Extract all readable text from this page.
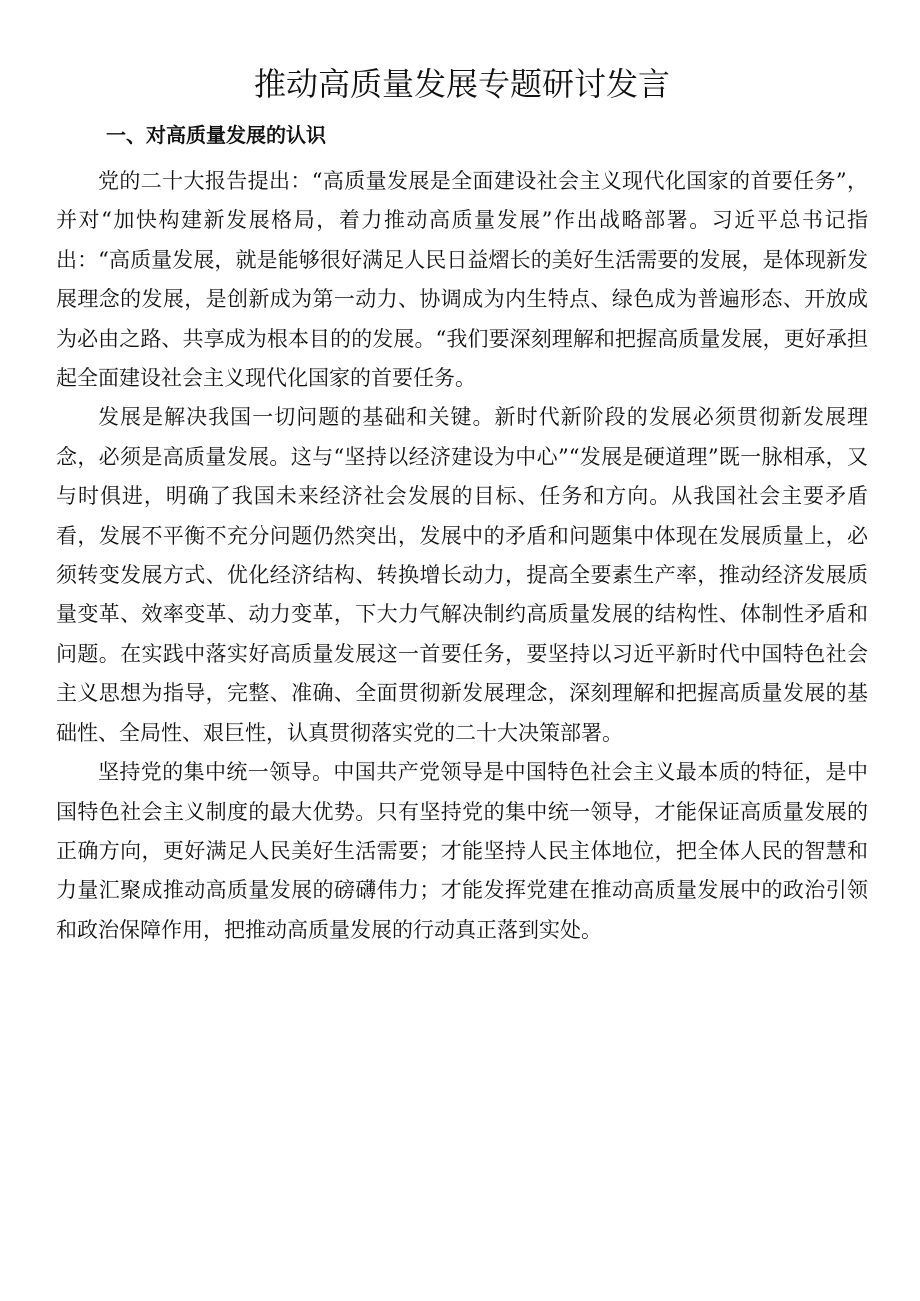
推动高质量发展专题研讨发言
一、对高质量发展的认识

党的二十大报告提出：“高质量发展是全面建设社会主义现代化国家的首要任务”，并对“加快构建新发展格局，着力推动高质量发展”作出战略部署。习近平总书记指出：“高质量发展，就是能够很好满足人民日益熠长的美好生活需要的发展，是体现新发展理念的发展，是创新成为第一动力、协调成为内生特点、绿色成为普遍形态、开放成为必由之路、共享成为根本目的的发展。“我们要深刻理解和把握高质量发展，更好承担起全面建设社会主义现代化国家的首要任务。

发展是解决我国一切问题的基础和关键。新时代新阶段的发展必须贯彻新发展理念，必须是高质量发展。这与“坚持以经济建设为中心”“发展是硬道理”既一脉相承，又与时俱进，明确了我国未来经济社会发展的目标、任务和方向。从我国社会主要矛盾看，发展不平衡不充分问题仍然突出，发展中的矛盾和问题集中体现在发展质量上，必须转变发展方式、优化经济结构、转换增长动力，提高全要素生产率，推动经济发展质量变革、效率变革、动力变革，下大力气解决制约高质量发展的结构性、体制性矛盾和问题。在实践中落实好高质量发展这一首要任务，要坚持以习近平新时代中国特色社会主义思想为指导，完整、准确、全面贯彻新发展理念，深刻理解和把握高质量发展的基础性、全局性、艰巨性，认真贯彻落实党的二十大决策部署。

坚持党的集中统一领导。中国共产党领导是中国特色社会主义最本质的特征，是中国特色社会主义制度的最大优势。只有坚持党的集中统一领导，才能保证高质量发展的正确方向，更好满足人民美好生活需要；才能坚持人民主体地位，把全体人民的智慧和力量汇聚成推动高质量发展的磅礴伟力；才能发挥党建在推动高质量发展中的政治引领和政治保障作用，把推动高质量发展的行动真正落到实处。
